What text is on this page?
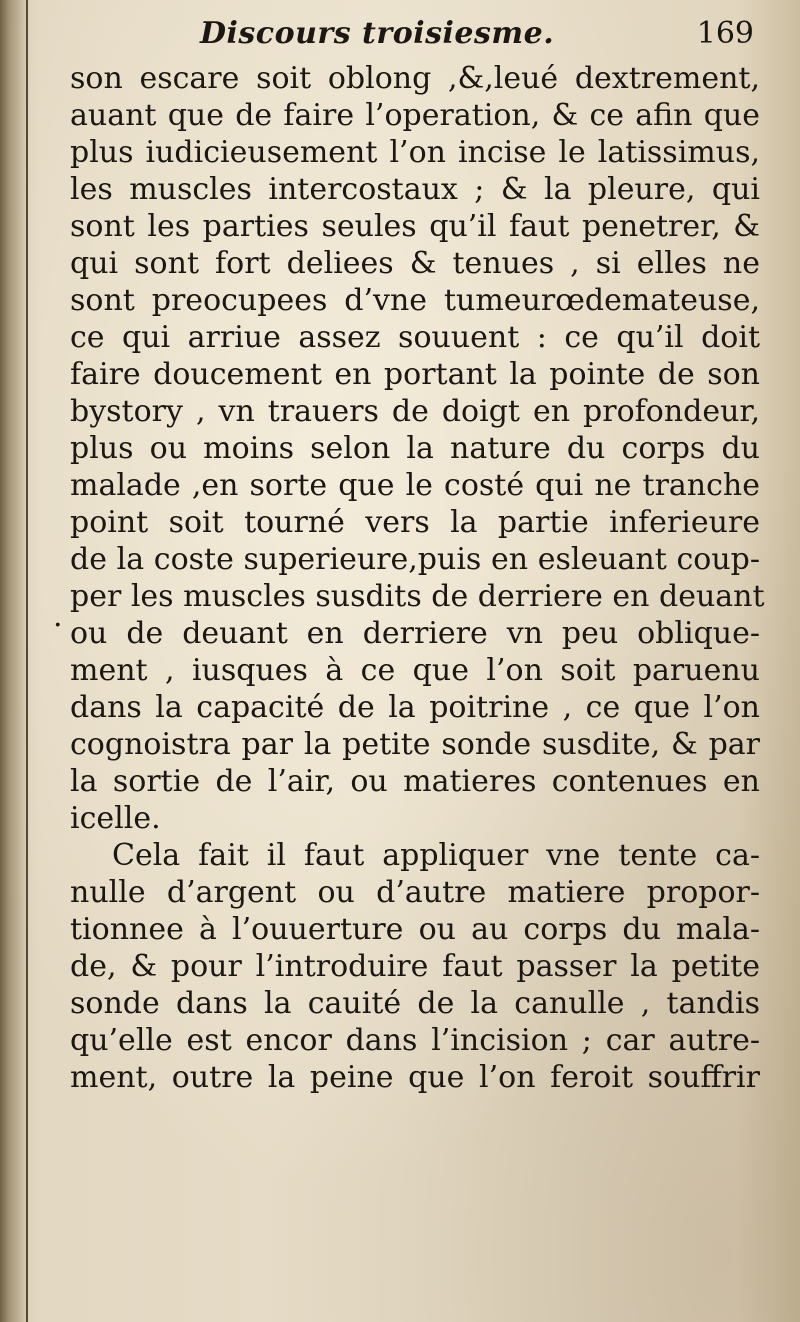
.
Discours troisiesme.	169
son escare soit oblong ,&,leué dextrement,
auant que de faire l’operation, & ce afin que
plus iudicieusement l’on incise le latissimus,
les muscles intercostaux ; & la pleure, qui
sont les parties seules qu’il faut penetrer, &
qui sont fort deliees & tenues , si elles ne
sont preocupees d’vne tumeurœdemateuse,
ce qui arriue assez souuent : ce qu’il doit
faire doucement en portant la pointe de son
bystory , vn trauers de doigt en profondeur,
plus ou moins selon la nature du corps du
malade ,en sorte que le costé qui ne tranche
point soit tourné vers la partie inferieure
de la coste superieure,puis en esleuant coup-
per les muscles susdits de derriere en deuant
ou de deuant en derriere vn peu oblique-
ment , iusques à ce que l’on soit paruenu
dans la capacité de la poitrine , ce que l’on
cognoistra par la petite sonde susdite, & par
la sortie de l’air, ou matieres contenues en
icelle.
Cela fait il faut appliquer vne tente ca-
nulle d’argent ou d’autre matiere propor-
tionnee à l’ouuerture ou au corps du mala-
de, & pour l’introduire faut passer la petite
sonde dans la cauité de la canulle , tandis
qu’elle est encor dans l’incision ; car autre-
ment, outre la peine que l’on feroit souffrir
